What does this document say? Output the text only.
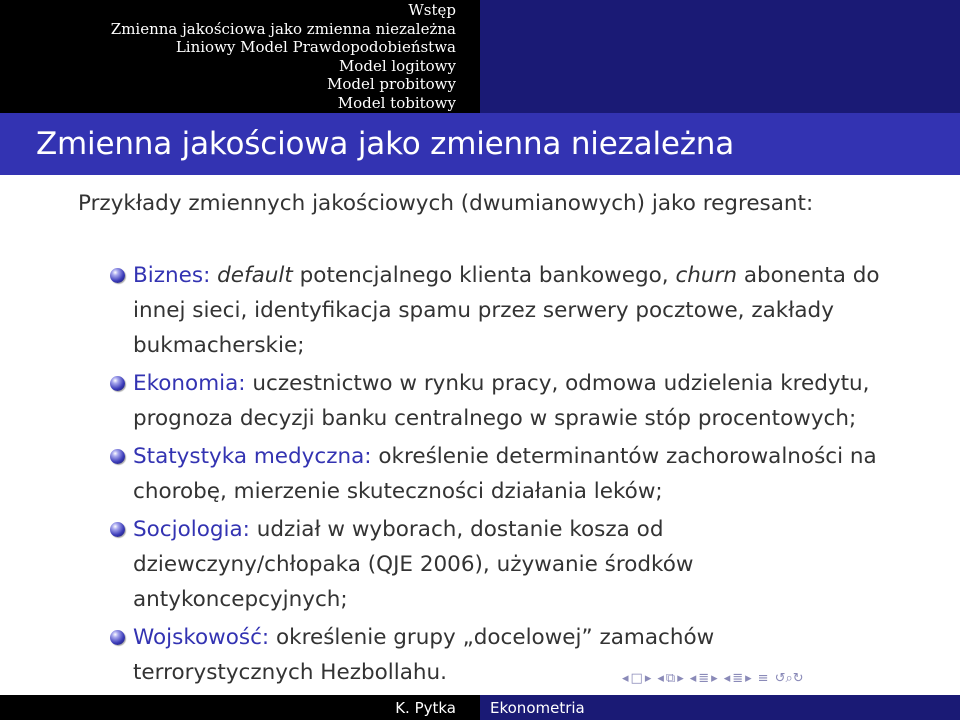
Wstęp
Zmienna jakościowa jako zmienna niezależna
Liniowy Model Prawdopodobieństwa
Model logitowy
Model probitowy
Model tobitowy
Zmienna jakościowa jako zmienna niezależna
Przykłady zmiennych jakościowych (dwumianowych) jako regresant:
Biznes: default potencjalnego klienta bankowego, churn abonenta do innej sieci, identyfikacja spamu przez serwery pocztowe, zakłady bukmacherskie;
Ekonomia: uczestnictwo w rynku pracy, odmowa udzielenia kredytu, prognoza decyzji banku centralnego w sprawie stóp procentowych;
Statystyka medyczna: określenie determinantów zachorowalności na chorobę, mierzenie skuteczności działania leków;
Socjologia: udział w wyborach, dostanie kosza od dziewczyny/chłopaka (QJE 2006), używanie środków antykoncepcyjnych;
Wojskowość: określenie grupy „docelowej” zamachów terrorystycznych Hezbollahu.	◂ □ ▸ ◂ ⧉ ▸ ◂ ≣ ▸ ◂ ≣ ▸ ≡ ↺⌕↻
K. Pytka Ekonometria
